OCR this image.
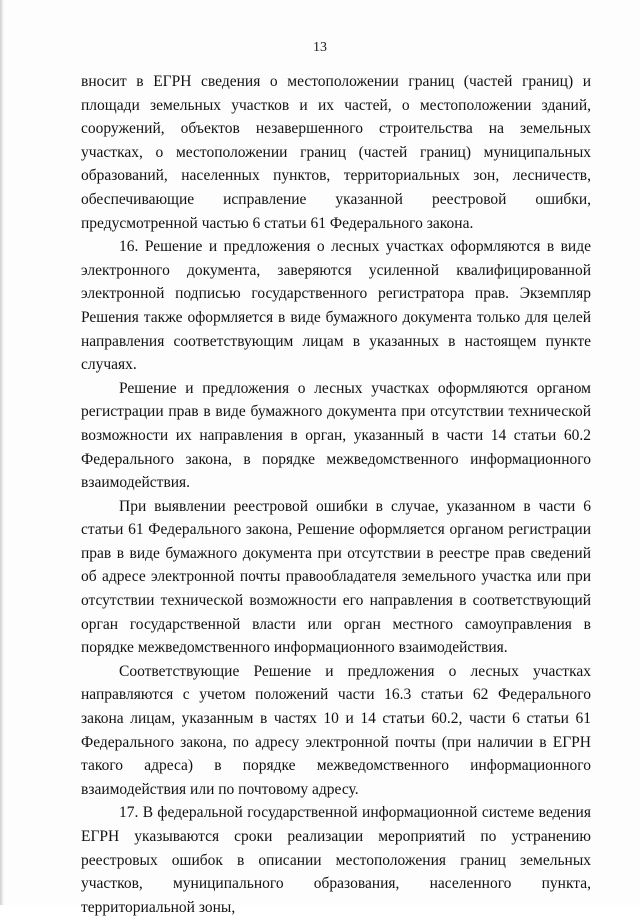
13

вносит в ЕГРН сведения о местоположении границ (частей границ) и площади земельных участков и их частей, о местоположении зданий, сооружений, объектов незавершенного строительства на земельных участках, о местоположении границ (частей границ) муниципальных образований, населенных пунктов, территориальных зон, лесничеств, обеспечивающие исправление указанной реестровой ошибки, предусмотренной частью 6 статьи 61 Федерального закона.

16. Решение и предложения о лесных участках оформляются в виде электронного документа, заверяются усиленной квалифицированной электронной подписью государственного регистратора прав. Экземпляр Решения также оформляется в виде бумажного документа только для целей направления соответствующим лицам в указанных в настоящем пункте случаях.

Решение и предложения о лесных участках оформляются органом регистрации прав в виде бумажного документа при отсутствии технической возможности их направления в орган, указанный в части 14 статьи 60.2 Федерального закона, в порядке межведомственного информационного взаимодействия.

При выявлении реестровой ошибки в случае, указанном в части 6 статьи 61 Федерального закона, Решение оформляется органом регистрации прав в виде бумажного документа при отсутствии в реестре прав сведений об адресе электронной почты правообладателя земельного участка или при отсутствии технической возможности его направления в соответствующий орган государственной власти или орган местного самоуправления в порядке межведомственного информационного взаимодействия.

Соответствующие Решение и предложения о лесных участках направляются с учетом положений части 16.3 статьи 62 Федерального закона лицам, указанным в частях 10 и 14 статьи 60.2, части 6 статьи 61 Федерального закона, по адресу электронной почты (при наличии в ЕГРН такого адреса) в порядке межведомственного информационного взаимодействия или по почтовому адресу.

17. В федеральной государственной информационной системе ведения ЕГРН указываются сроки реализации мероприятий по устранению реестровых ошибок в описании местоположения границ земельных участков, муниципального образования, населенного пункта, территориальной зоны,
